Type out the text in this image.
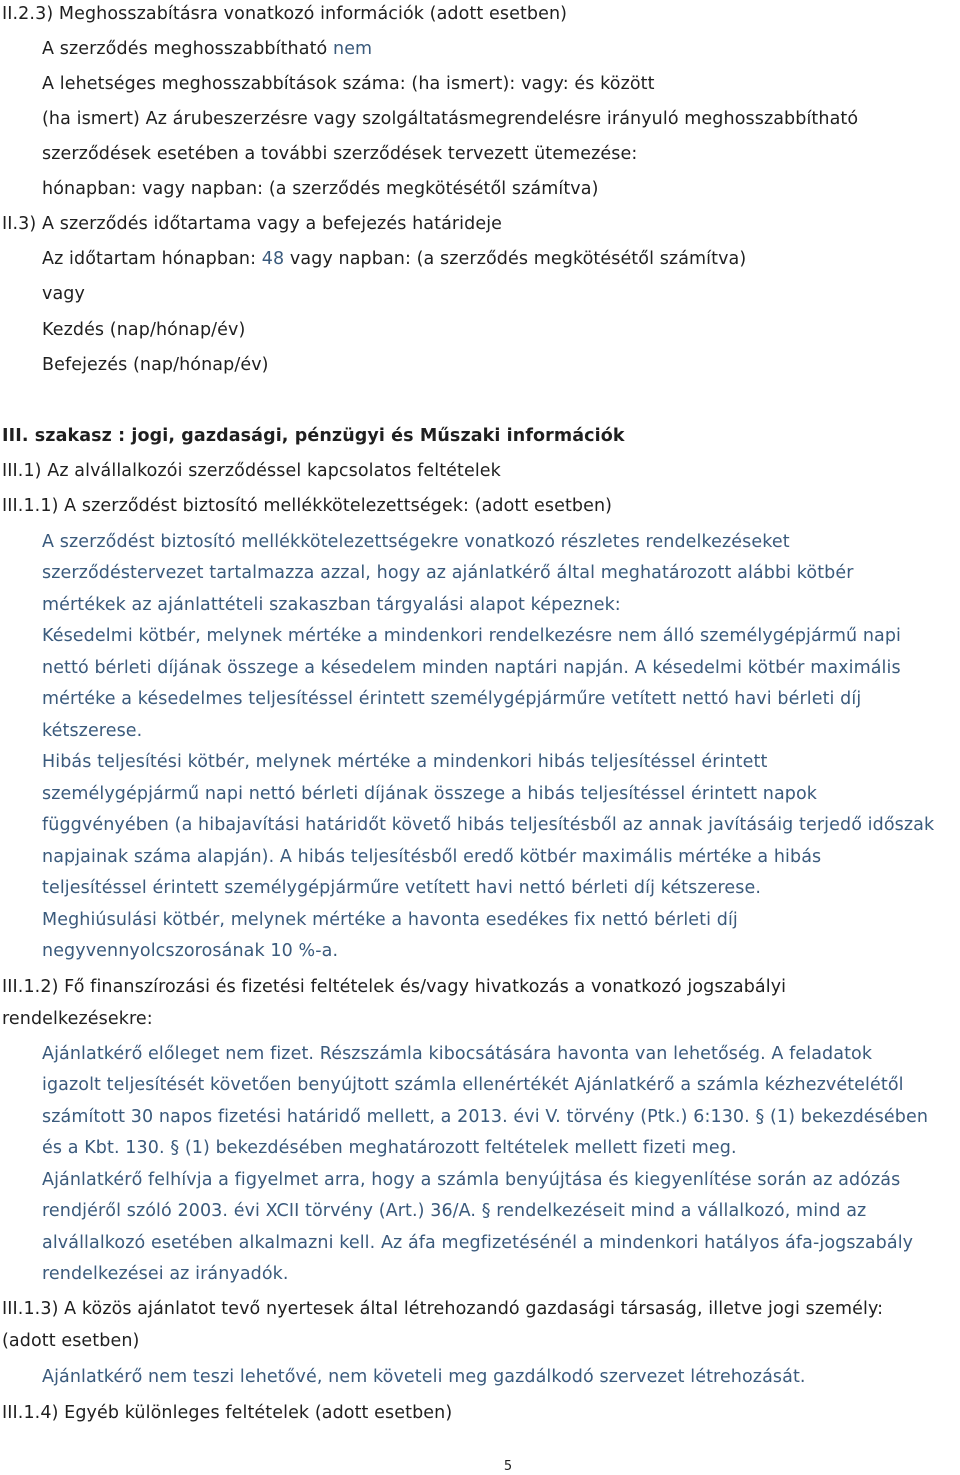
II.2.3) Meghosszabításra vonatkozó információk (adott esetben)
A szerződés meghosszabbítható nem
A lehetséges meghosszabbítások száma: (ha ismert): vagy: és között
(ha ismert) Az árubeszerzésre vagy szolgáltatásmegrendelésre irányuló meghosszabbítható
szerződések esetében a további szerződések tervezett ütemezése:
hónapban: vagy napban: (a szerződés megkötésétől számítva)
II.3) A szerződés időtartama vagy a befejezés határideje
Az időtartam hónapban: 48 vagy napban: (a szerződés megkötésétől számítva)
vagy
Kezdés (nap/hónap/év)
Befejezés (nap/hónap/év)
III. szakasz : jogi, gazdasági, pénzügyi és Műszaki információk
III.1) Az alvállalkozói szerződéssel kapcsolatos feltételek
III.1.1) A szerződést biztosító mellékkötelezettségek: (adott esetben)
A szerződést biztosító mellékkötelezettségekre vonatkozó részletes rendelkezéseket
szerződéstervezet tartalmazza azzal, hogy az ajánlatkérő által meghatározott alábbi kötbér
mértékek az ajánlattételi szakaszban tárgyalási alapot képeznek:
Késedelmi kötbér, melynek mértéke a mindenkori rendelkezésre nem álló személygépjármű napi
nettó bérleti díjának összege a késedelem minden naptári napján. A késedelmi kötbér maximális
mértéke a késedelmes teljesítéssel érintett személygépjárműre vetített nettó havi bérleti díj
kétszerese.
Hibás teljesítési kötbér, melynek mértéke a mindenkori hibás teljesítéssel érintett
személygépjármű napi nettó bérleti díjának összege a hibás teljesítéssel érintett napok
függvényében (a hibajavítási határidőt követő hibás teljesítésből az annak javításáig terjedő időszak
napjainak száma alapján). A hibás teljesítésből eredő kötbér maximális mértéke a hibás
teljesítéssel érintett személygépjárműre vetített havi nettó bérleti díj kétszerese.
Meghiúsulási kötbér, melynek mértéke a havonta esedékes fix nettó bérleti díj
negyvennyolcszorosának 10 %-a.
III.1.2) Fő finanszírozási és fizetési feltételek és/vagy hivatkozás a vonatkozó jogszabályi
rendelkezésekre:
Ajánlatkérő előleget nem fizet. Részszámla kibocsátására havonta van lehetőség. A feladatok
igazolt teljesítését követően benyújtott számla ellenértékét Ajánlatkérő a számla kézhezvételétől
számított 30 napos fizetési határidő mellett, a 2013. évi V. törvény (Ptk.) 6:130. § (1) bekezdésében
és a Kbt. 130. § (1) bekezdésében meghatározott feltételek mellett fizeti meg.
Ajánlatkérő felhívja a figyelmet arra, hogy a számla benyújtása és kiegyenlítése során az adózás
rendjéről szóló 2003. évi XCII törvény (Art.) 36/A. § rendelkezéseit mind a vállalkozó, mind az
alvállalkozó esetében alkalmazni kell. Az áfa megfizetésénél a mindenkori hatályos áfa-jogszabály
rendelkezései az irányadók.
III.1.3) A közös ajánlatot tevő nyertesek által létrehozandó gazdasági társaság, illetve jogi személy:
(adott esetben)
Ajánlatkérő nem teszi lehetővé, nem követeli meg gazdálkodó szervezet létrehozását.
III.1.4) Egyéb különleges feltételek (adott esetben)
5
